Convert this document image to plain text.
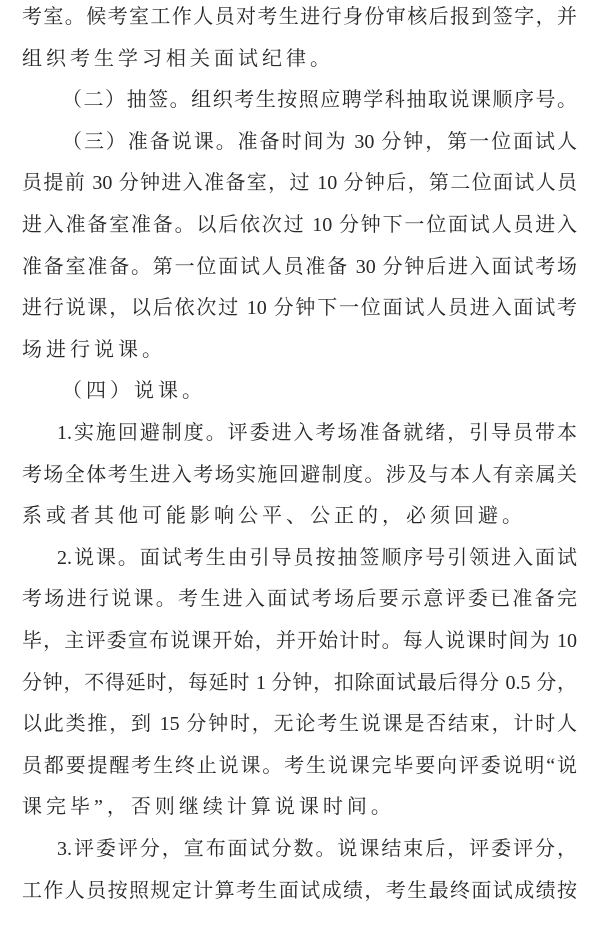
考室。候考室工作人员对考生进行身份审核后报到签字，并
组织考生学习相关面试纪律。
（二）抽签。组织考生按照应聘学科抽取说课顺序号。
（三）准备说课。准备时间为 30 分钟，第一位面试人
员提前 30 分钟进入准备室，过 10 分钟后，第二位面试人员
进入准备室准备。以后依次过 10 分钟下一位面试人员进入
准备室准备。第一位面试人员准备 30 分钟后进入面试考场
进行说课，以后依次过 10 分钟下一位面试人员进入面试考
场进行说课。
（四）说课。
1.实施回避制度。评委进入考场准备就绪，引导员带本
考场全体考生进入考场实施回避制度。涉及与本人有亲属关
系或者其他可能影响公平、公正的，必须回避。
2.说课。面试考生由引导员按抽签顺序号引领进入面试
考场进行说课。考生进入面试考场后要示意评委已准备完
毕，主评委宣布说课开始，并开始计时。每人说课时间为 10
分钟，不得延时，每延时 1 分钟，扣除面试最后得分 0.5 分，
以此类推，到 15 分钟时，无论考生说课是否结束，计时人
员都要提醒考生终止说课。考生说课完毕要向评委说明“说
课完毕”，否则继续计算说课时间。
3.评委评分，宣布面试分数。说课结束后，评委评分，
工作人员按照规定计算考生面试成绩，考生最终面试成绩按
